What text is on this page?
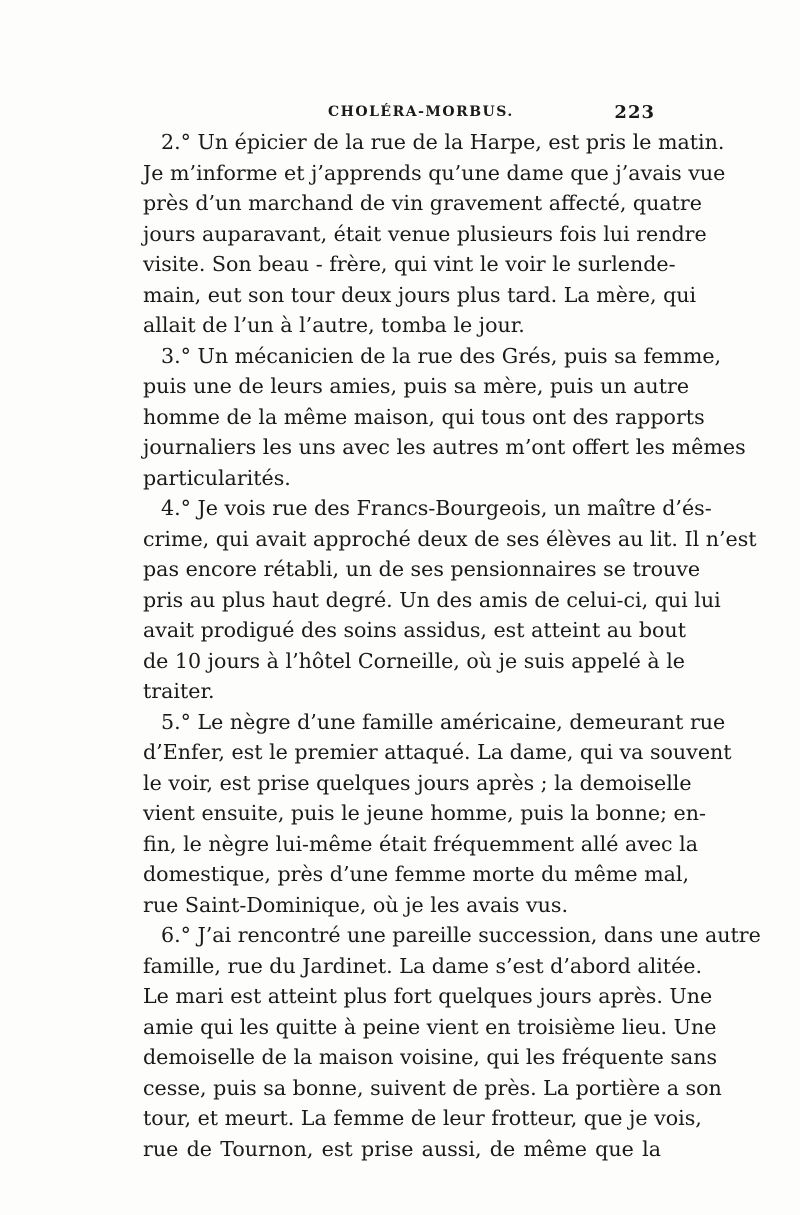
CHOLÉRA-MORBUS.	223
2.° Un épicier de la rue de la Harpe, est pris le matin.
Je m’informe et j’apprends qu’une dame que j’avais vue
près d’un marchand de vin gravement affecté, quatre
jours auparavant, était venue plusieurs fois lui rendre
visite. Son beau - frère, qui vint le voir le surlende-
main, eut son tour deux jours plus tard. La mère, qui
allait de l’un à l’autre, tomba le jour.
3.° Un mécanicien de la rue des Grés, puis sa femme,
puis une de leurs amies, puis sa mère, puis un autre
homme de la même maison, qui tous ont des rapports
journaliers les uns avec les autres m’ont offert les mêmes
particularités.
4.° Je vois rue des Francs-Bourgeois, un maître d’és-
crime, qui avait approché deux de ses élèves au lit. Il n’est
pas encore rétabli, un de ses pensionnaires se trouve
pris au plus haut degré. Un des amis de celui-ci, qui lui
avait prodigué des soins assidus, est atteint au bout
de 10 jours à l’hôtel Corneille, où je suis appelé à le
traiter.
5.° Le nègre d’une famille américaine, demeurant rue
d’Enfer, est le premier attaqué. La dame, qui va souvent
le voir, est prise quelques jours après ; la demoiselle
vient ensuite, puis le jeune homme, puis la bonne; en-
fin, le nègre lui-même était fréquemment allé avec la
domestique, près d’une femme morte du même mal,
rue Saint-Dominique, où je les avais vus.
6.° J’ai rencontré une pareille succession, dans une autre
famille, rue du Jardinet. La dame s’est d’abord alitée.
Le mari est atteint plus fort quelques jours après. Une
amie qui les quitte à peine vient en troisième lieu. Une
demoiselle de la maison voisine, qui les fréquente sans
cesse, puis sa bonne, suivent de près. La portière a son
tour, et meurt. La femme de leur frotteur, que je vois,
rue de Tournon, est prise aussi, de même que la
